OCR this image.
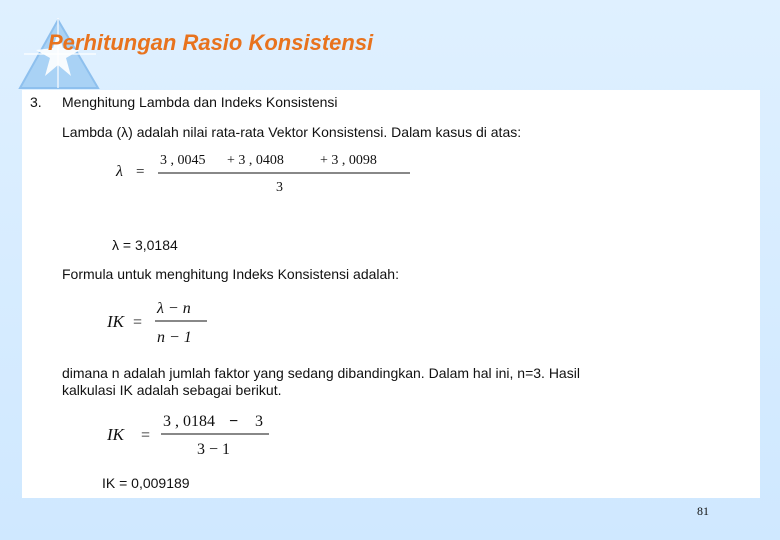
Perhitungan Rasio Konsistensi
3. Menghitung Lambda dan Indeks Konsistensi
Lambda (λ) adalah nilai rata-rata Vektor Konsistensi. Dalam kasus di atas:
λ =
3 , 0045 + 3 , 0408	+ 3 , 0098
3
λ = 3,0184
Formula untuk menghitung Indeks Konsistensi adalah:
IK =
λ − n
n − 1
dimana n adalah jumlah faktor yang sedang dibandingkan. Dalam hal ini, n=3. Hasil
kalkulasi IK adalah sebagai berikut.
IK =
3 , 0184 − 3
3 − 1
IK = 0,009189
81
